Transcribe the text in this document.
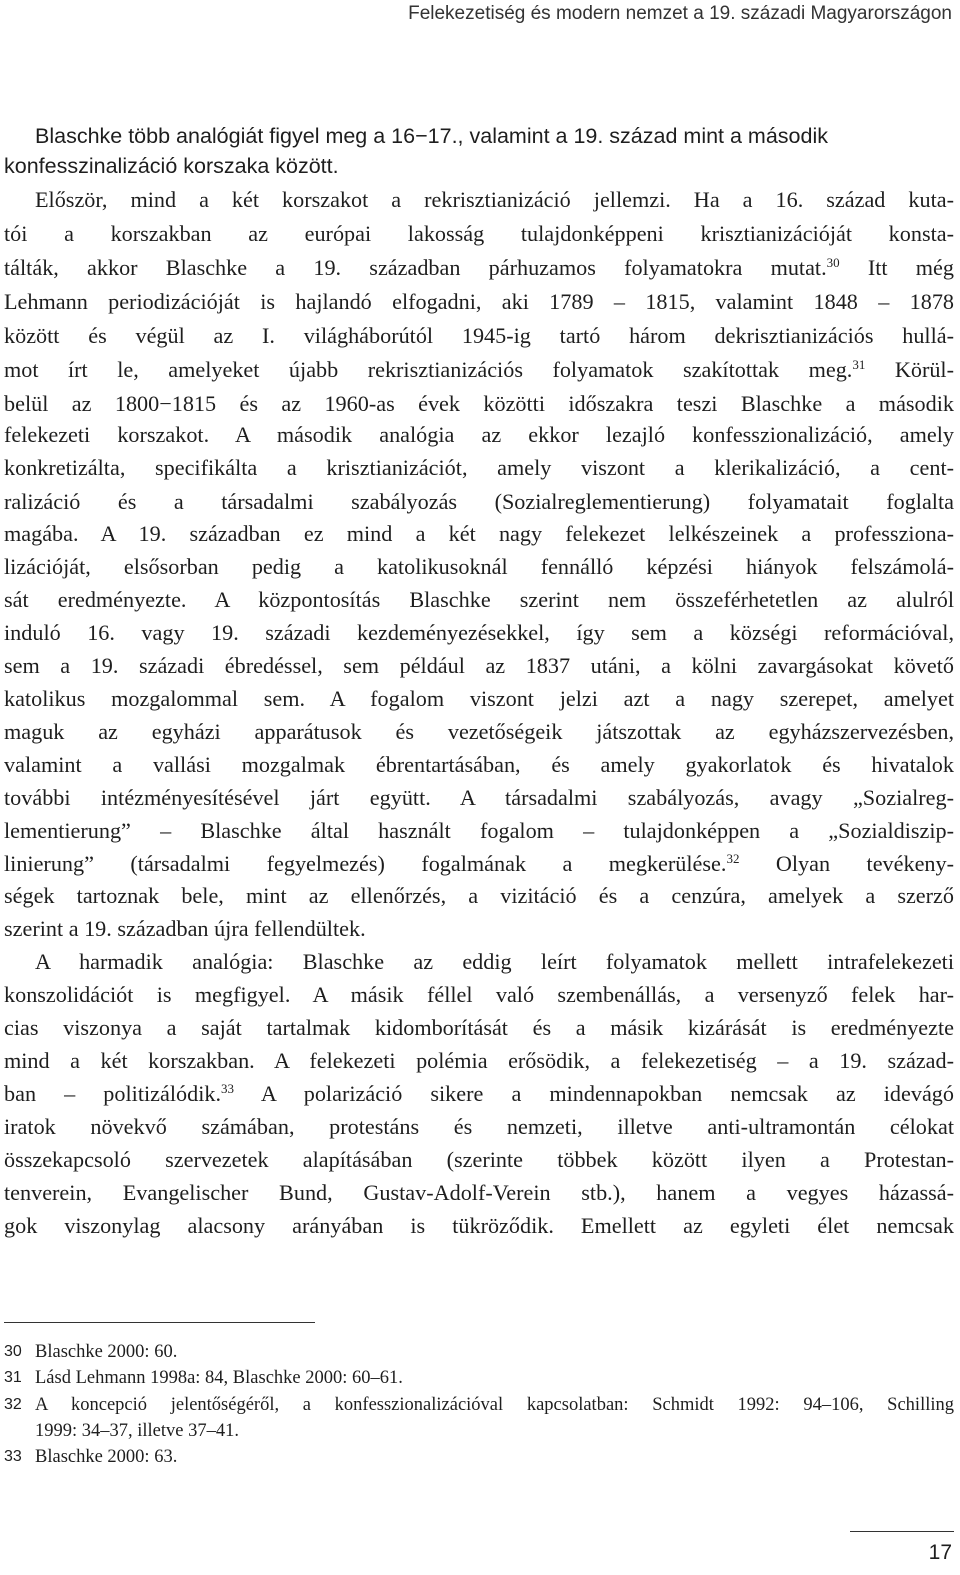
Felekezetiség és modern nemzet a 19. századi Magyarországon
Blaschke több analógiát figyel meg a 16−17., valamint a 19. század mint a második
konfesszinalizáció korszaka között.
Először, mind a két korszakot a rekrisztianizáció jellemzi. Ha a 16. század kuta-
tói a korszakban az európai lakosság tulajdonképpeni krisztianizációját konsta-
tálták, akkor Blaschke a 19. században párhuzamos folyamatokra mutat.$^{30}$ Itt még
Lehmann periodizációját is hajlandó elfogadni, aki 1789 – 1815, valamint 1848 – 1878
között és végül az I. világháborútól 1945-ig tartó három dekrisztianizációs hullá-
mot írt le, amelyeket újabb rekrisztianizációs folyamatok szakítottak meg.$^{31}$ Körül-
belül az 1800−1815 és az 1960-as évek közötti időszakra teszi Blaschke a második
felekezeti korszakot. A második analógia az ekkor lezajló konfesszionalizáció, amely
konkretizálta, specifikálta a krisztianizációt, amely viszont a klerikalizáció, a cent-
ralizáció és a társadalmi szabályozás (Sozialreglementierung) folyamatait foglalta
magába. A 19. században ez mind a két nagy felekezet lelkészeinek a professziona-
lizációját, elsősorban pedig a katolikusoknál fennálló képzési hiányok felszámolá-
sát eredményezte. A központosítás Blaschke szerint nem összeférhetetlen az alulról
induló 16. vagy 19. századi kezdeményezésekkel, így sem a községi reformációval,
sem a 19. századi ébredéssel, sem például az 1837 utáni, a kölni zavargásokat követő
katolikus mozgalommal sem. A fogalom viszont jelzi azt a nagy szerepet, amelyet
maguk az egyházi apparátusok és vezetőségeik játszottak az egyházszervezésben,
valamint a vallási mozgalmak ébrentartásában, és amely gyakorlatok és hivatalok
további intézményesítésével járt együtt. A társadalmi szabályozás, avagy „Sozialreg-
lementierung” – Blaschke által használt fogalom – tulajdonképpen a „Sozialdiszip-
linierung” (társadalmi fegyelmezés) fogalmának a megkerülése.$^{32}$ Olyan tevékeny-
ségek tartoznak bele, mint az ellenőrzés, a vizitáció és a cenzúra, amelyek a szerző
szerint a 19. században újra fellendültek.
A harmadik analógia: Blaschke az eddig leírt folyamatok mellett intrafelekezeti
konszolidációt is megfigyel. A másik féllel való szembenállás, a versenyző felek har-
cias viszonya a saját tartalmak kidomborítását és a másik kizárását is eredményezte
mind a két korszakban. A felekezeti polémia erősödik, a felekezetiség – a 19. század-
ban – politizálódik.$^{33}$ A polarizáció sikere a mindennapokban nemcsak az idevágó
iratok növekvő számában, protestáns és nemzeti, illetve anti-ultramontán célokat
összekapcsoló szervezetek alapításában (szerinte többek között ilyen a Protestan-
tenverein, Evangelischer Bund, Gustav-Adolf-Verein stb.), hanem a vegyes házassá-
gok viszonylag alacsony arányában is tükröződik. Emellett az egyleti élet nemcsak
30 Blaschke 2000: 60.
31 Lásd Lehmann 1998a: 84, Blaschke 2000: 60–61.
32 A koncepció jelentőségéről, a konfesszionalizációval kapcsolatban: Schmidt 1992: 94–106, Schilling
1999: 34–37, illetve 37–41.
33 Blaschke 2000: 63.
17
